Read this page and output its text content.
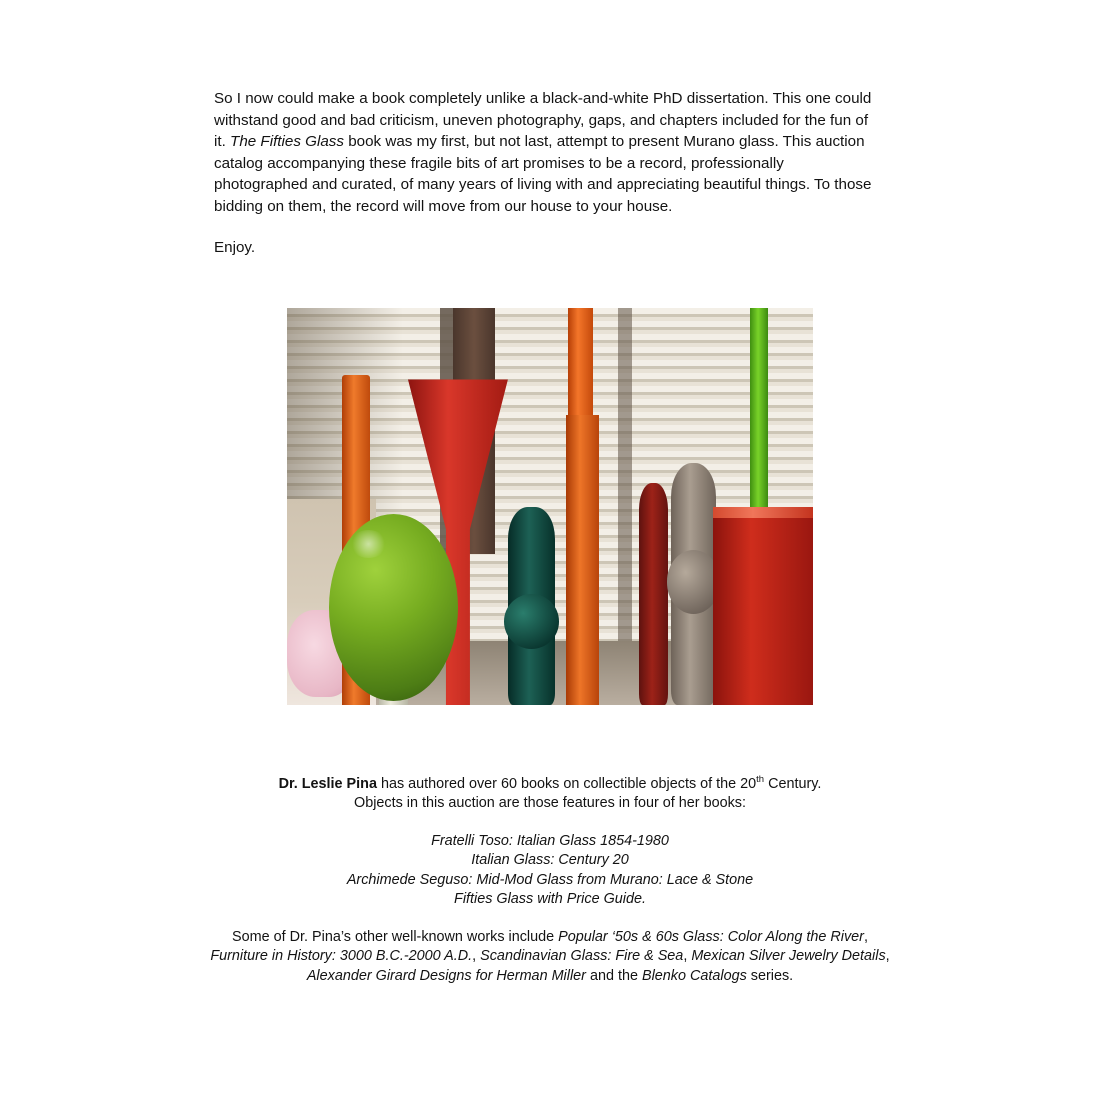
So I now could make a book completely unlike a black-and-white PhD dissertation. This one could withstand good and bad criticism, uneven photography, gaps, and chapters included for the fun of it. The Fifties Glass book was my first, but not last, attempt to present Murano glass. This auction catalog accompanying these fragile bits of art promises to be a record, professionally photographed and curated, of many years of living with and appreciating beautiful things. To those bidding on them, the record will move from our house to your house.

Enjoy.

Dr. Leslie Pina has authored over 60 books on collectible objects of the 20th Century.
Objects in this auction are those features in four of her books:
Fratelli Toso: Italian Glass 1854-1980
Italian Glass: Century 20
Archimede Seguso: Mid-Mod Glass from Murano: Lace & Stone
Fifties Glass with Price Guide.
Some of Dr. Pina’s other well-known works include Popular ‘50s & 60s Glass: Color Along the River,
Furniture in History: 3000 B.C.-2000 A.D., Scandinavian Glass: Fire & Sea, Mexican Silver Jewelry Details,
Alexander Girard Designs for Herman Miller and the Blenko Catalogs series.
